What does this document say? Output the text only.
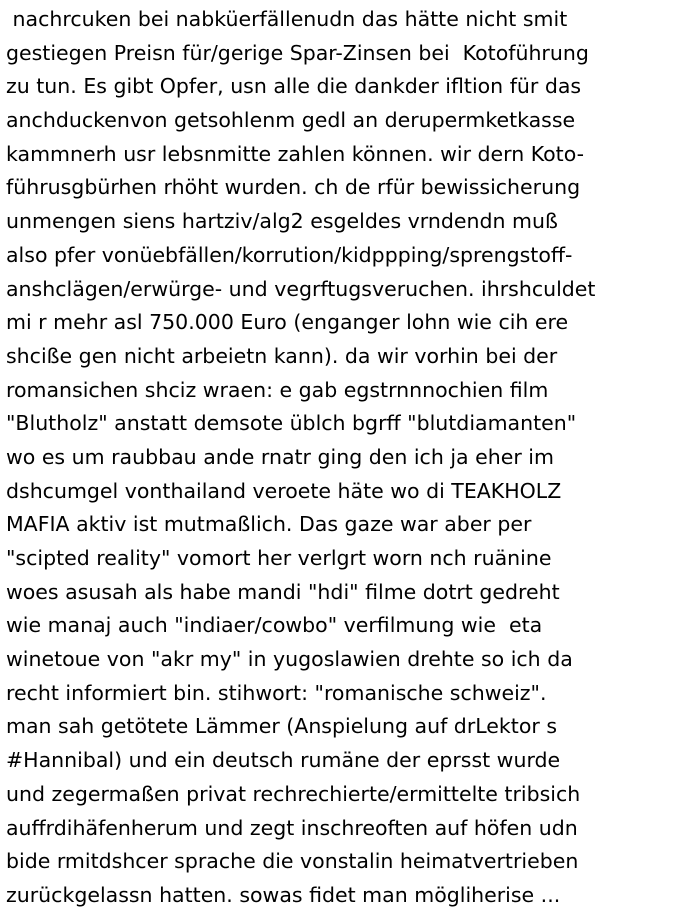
nachrcuken bei nabküerfällenudn das hätte nicht smit
gestiegen Preisn für/gerige Spar-Zinsen bei  Kotoführung
zu tun. Es gibt Opfer, usn alle die dankder ifltion für das
anchduckenvon getsohlenm gedl an derupermketkasse
kammnerh usr lebsnmitte zahlen können. wir dern Koto-
führusgbürhen rhöht wurden. ch de rfür bewissicherung
unmengen siens hartziv/alg2 esgeldes vrndendn muß
also pfer vonüebfällen/korrution/kidppping/sprengstoff-
anshclägen/erwürge- und vegrftugsveruchen. ihrshculdet
mi r mehr asl 750.000 Euro (enganger lohn wie cih ere
shciße gen nicht arbeietn kann). da wir vorhin bei der
romansichen shciz wraen: e gab egstrnnnochien film
"Blutholz" anstatt demsote üblch bgrff "blutdiamanten"
wo es um raubbau ande rnatr ging den ich ja eher im
dshcumgel vonthailand veroete häte wo di TEAKHOLZ
MAFIA aktiv ist mutmaßlich. Das gaze war aber per
"scipted reality" vomort her verlgrt worn nch ruänine
woes asusah als habe mandi "hdi" filme dotrt gedreht
wie manaj auch "indiaer/cowbo" verfilmung wie  eta
winetoue von "akr my" in yugoslawien drehte so ich da
recht informiert bin. stihwort: "romanische schweiz".
man sah getötete Lämmer (Anspielung auf drLektor s
#Hannibal) und ein deutsch rumäne der eprsst wurde
und zegermaßen privat rechrechierte/ermittelte tribsich
auffrdihäfenherum und zegt inschreoften auf höfen udn
bide rmitdshcer sprache die vonstalin heimatvertrieben
zurückgelassn hatten. sowas fidet man mögliherise ...
